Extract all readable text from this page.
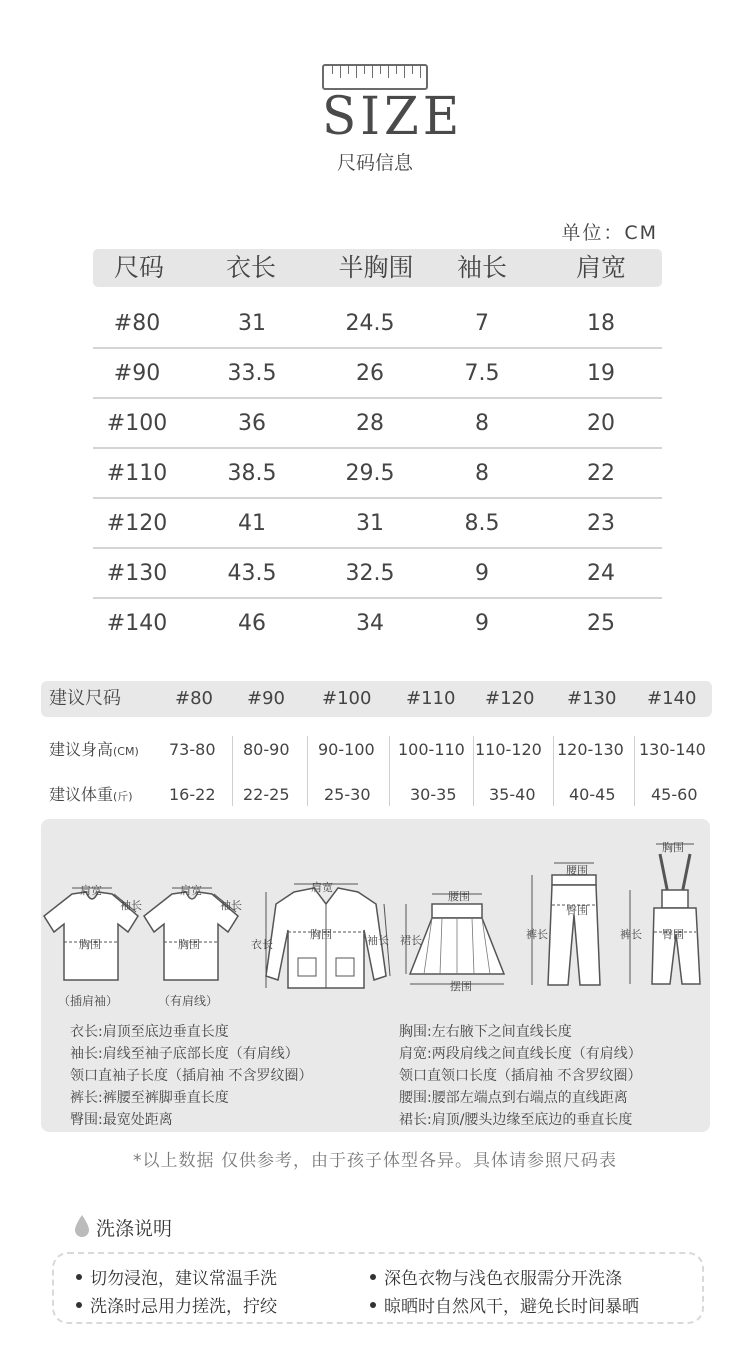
SIZE
尺码信息
单位：CM
尺码 衣长 半胸围 袖长	肩宽
#80	31	24.5	7	18
#90	33.5	26	7.5	19
#100	36	28	8	20
#110	38.5	29.5	8	22
#120	41	31	8.5	23
#130	43.5	32.5	9	24
#140	46	34	9	25
建议尺码	#80 #90 #100 #110 #120 #130 #140
建议身高(CM) 73-80 80-90 90-100 100-110 110-120 120-130 130-140
建议体重(斤) 16-22 22-25 25-30 30-35 35-40 40-45 45-60
肩宽
袖长
胸围
（插肩袖）
肩宽
袖长
胸围
（有肩线）
肩宽
胸围
衣长	袖长
腰围
裙长
摆围
腰围
臀围
裤长
胸围
臀围
裤长
衣长:肩顶至底边垂直长度
袖长:肩线至袖子底部长度（有肩线）
领口直袖子长度（插肩袖 不含罗纹圈）
裤长:裤腰至裤脚垂直长度
臀围:最宽处距离
胸围:左右腋下之间直线长度
肩宽:两段肩线之间直线长度（有肩线）
领口直领口长度（插肩袖 不含罗纹圈）
腰围:腰部左端点到右端点的直线距离
裙长:肩顶/腰头边缘至底边的垂直长度
*以上数据 仅供参考，由于孩子体型各异。具体请参照尺码表
洗涤说明
切勿浸泡，建议常温手洗	深色衣物与浅色衣服需分开洗涤
洗涤时忌用力搓洗，拧绞	晾晒时自然风干，避免长时间暴晒
